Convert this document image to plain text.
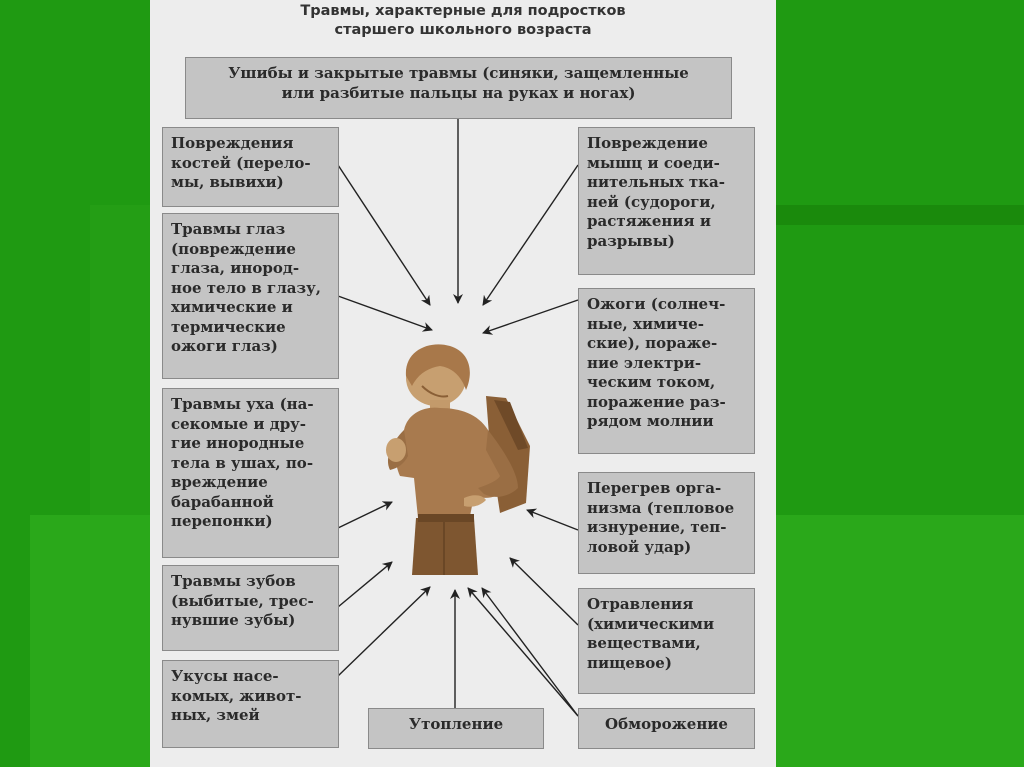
Травмы, характерные для подростков
старшего школьного возраста
Ушибы и закрытые травмы (синяки, защемленные
или разбитые пальцы на руках и ногах)
Повреждения
костей (перело-
мы, вывихи)
Травмы глаз
(повреждение
глаза, инород-
ное тело в глазу,
химические и
термические
ожоги глаз)
Травмы уха (на-
секомые и дру-
гие инородные
тела в ушах, по-
вреждение
барабанной
перепонки)
Травмы зубов
(выбитые, трес-
нувшие зубы)
Укусы насе-
комых, живот-
ных, змей
Повреждение
мышц и соеди-
нительных тка-
ней (судороги,
растяжения и
разрывы)
Ожоги (солнеч-
ные, химиче-
ские), пораже-
ние электри-
ческим током,
поражение раз-
рядом молнии
Перегрев орга-
низма (тепловое
изнурение, теп-
ловой удар)
Отравления
(химическими
веществами,
пищевое)
Обморожение
Утопление
